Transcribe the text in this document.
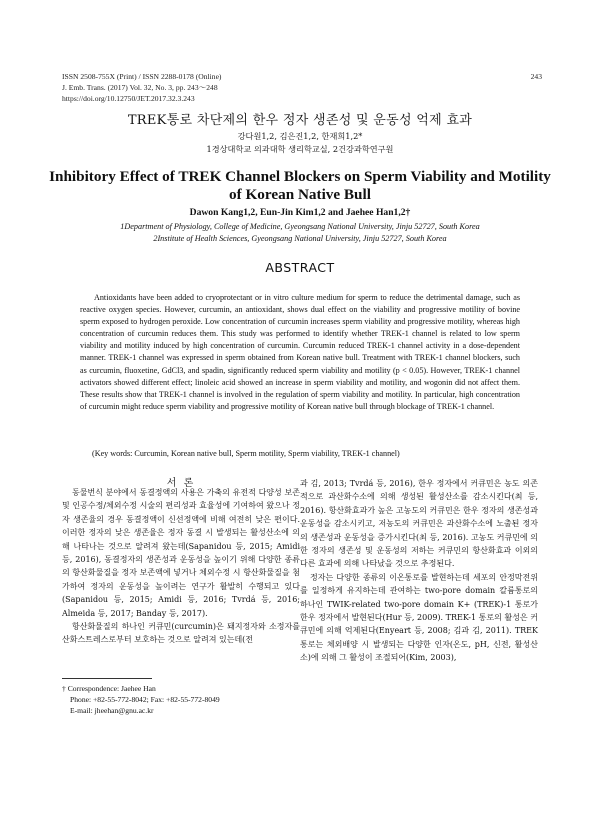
ISSN 2508-755X (Print) / ISSN 2288-0178 (Online)
J. Emb. Trans. (2017) Vol. 32, No. 3, pp. 243～248
https://doi.org/10.12750/JET.2017.32.3.243
243
TREK통로 차단제의 한우 정자 생존성 및 운동성 억제 효과
강다원1,2, 김은진1,2, 한재희1,2*
1경상대학교 의과대학 생리학교실, 2건강과학연구원
Inhibitory Effect of TREK Channel Blockers on Sperm Viability and Motility
of Korean Native Bull
Dawon Kang1,2, Eun-Jin Kim1,2 and Jaehee Han1,2†
1Department of Physiology, College of Medicine, Gyeongsang National University, Jinju 52727, South Korea
2Institute of Health Sciences, Gyeongsang National University, Jinju 52727, South Korea
ABSTRACT
Antioxidants have been added to cryoprotectant or in vitro culture medium for sperm to reduce the detrimental damage, such as reactive oxygen species. However, curcumin, an antioxidant, shows dual effect on the viability and progressive motility of bovine sperm exposed to hydrogen peroxide. Low concentration of curcumin increases sperm viability and progressive motility, whereas high concentration of curcumin reduces them. This study was performed to identify whether TREK-1 channel is related to low sperm viability and motility induced by high concentration of curcumin. Curcumin reduced TREK-1 channel activity in a dose-dependent manner. TREK-1 channel was expressed in sperm obtained from Korean native bull. Treatment with TREK-1 channel blockers, such as curcumin, fluoxetine, GdCl3, and spadin, significantly reduced sperm viability and motility (p < 0.05). However, TREK-1 channel activators showed different effect; linoleic acid showed an increase in sperm viability and motility, and wogonin did not affect them. These results show that TREK-1 channel is involved in the regulation of sperm viability and motility. In particular, high concentration of curcumin might reduce sperm viability and progressive motility of Korean native bull through blockage of TREK-1 channel.
(Key words: Curcumin, Korean native bull, Sperm motility, Sperm viability, TREK-1 channel)
서 론

동물번식 분야에서 동결정액의 사용은 가축의 유전적 다양성 보존 및 인공수정/체외수정 시술의 편리성과 효율성에 기여하여 왔으나 정자 생존율의 경우 동결정액이 신선정액에 비해 여전히 낮은 편이다. 이러한 정자의 낮은 생존율은 정자 동결 시 발생되는 활성산소에 의해 나타나는 것으로 알려져 왔는데(Sapanidou 등, 2015; Amidi 등, 2016), 동결정자의 생존성과 운동성을 높이기 위해 다양한 종류의 항산화물질을 정자 보존액에 넣거나 체외수정 시 항산화물질을 첨가하여 정자의 운동성을 높이려는 연구가 활발히 수행되고 있다(Sapanidou 등, 2015; Amidi 등, 2016; Tvrdá 등, 2016; Almeida 등, 2017; Banday 등, 2017).

항산화물질의 하나인 커큐민(curcumin)은 돼지정자와 소정자를 산화스트레스로부터 보호하는 것으로 알려져 있는데(전

과 김, 2013; Tvrdá 등, 2016), 한우 정자에서 커큐민은 농도 의존적으로 과산화수소에 의해 생성된 활성산소를 감소시킨다(최 등, 2016). 항산화효과가 높은 고농도의 커큐민은 한우 정자의 생존성과 운동성을 감소시키고, 저농도의 커큐민은 과산화수소에 노출된 정자의 생존성과 운동성을 증가시킨다(최 등, 2016). 고농도 커큐민에 의한 정자의 생존성 및 운동성의 저하는 커큐민의 항산화효과 이외의 다른 효과에 의해 나타났을 것으로 추정된다.

정자는 다양한 종류의 이온통로를 발현하는데 세포의 안정막전위를 일정하게 유지하는데 관여하는 two-pore domain 칼륨통로의 하나인 TWIK-related two-pore domain K+ (TREK)-1 통로가 한우 정자에서 발현된다(Hur 등, 2009). TREK-1 통로의 활성은 커큐민에 의해 억제된다(Enyeart 등, 2008; 김과 김, 2011). TREK 통로는 체외배양 시 발생되는 다양한 인자(온도, pH, 신전, 활성산소)에 의해 그 활성이 조절되어(Kim, 2003),

† Correspondence: Jaehee Han
Phone: +82-55-772-8042; Fax: +82-55-772-8049
E-mail: jheehan@gnu.ac.kr
